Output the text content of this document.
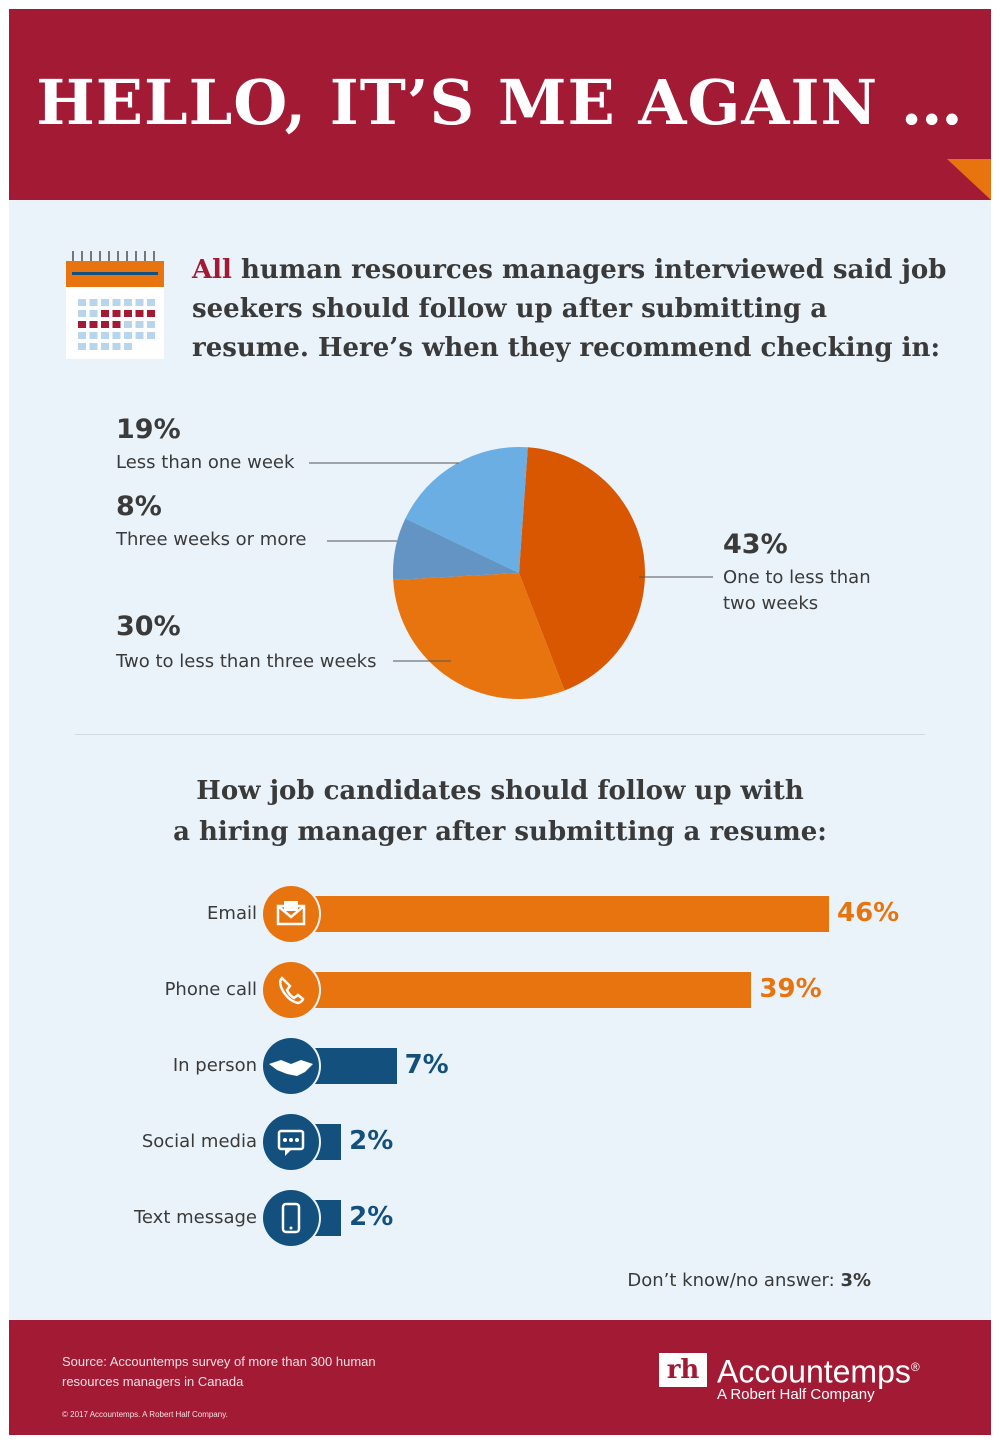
HELLO, IT’S ME AGAIN …
All human resources managers interviewed said job seekers should follow up after submitting a resume. Here’s when they recommend checking in:
19%
Less than one week
8%
Three weeks or more
30%
Two to less than three weeks
43%
One to less than two weeks
How job candidates should follow up with
a hiring manager after submitting a resume:
Email	46%
Phone call	39%
In person	7%
Social media	2%
Text message	2%
Don’t know/no answer: 3%
Source: Accountemps survey of more than 300 human resources managers in Canada
© 2017 Accountemps. A Robert Half Company.
rh Accountemps®
A Robert Half Company
